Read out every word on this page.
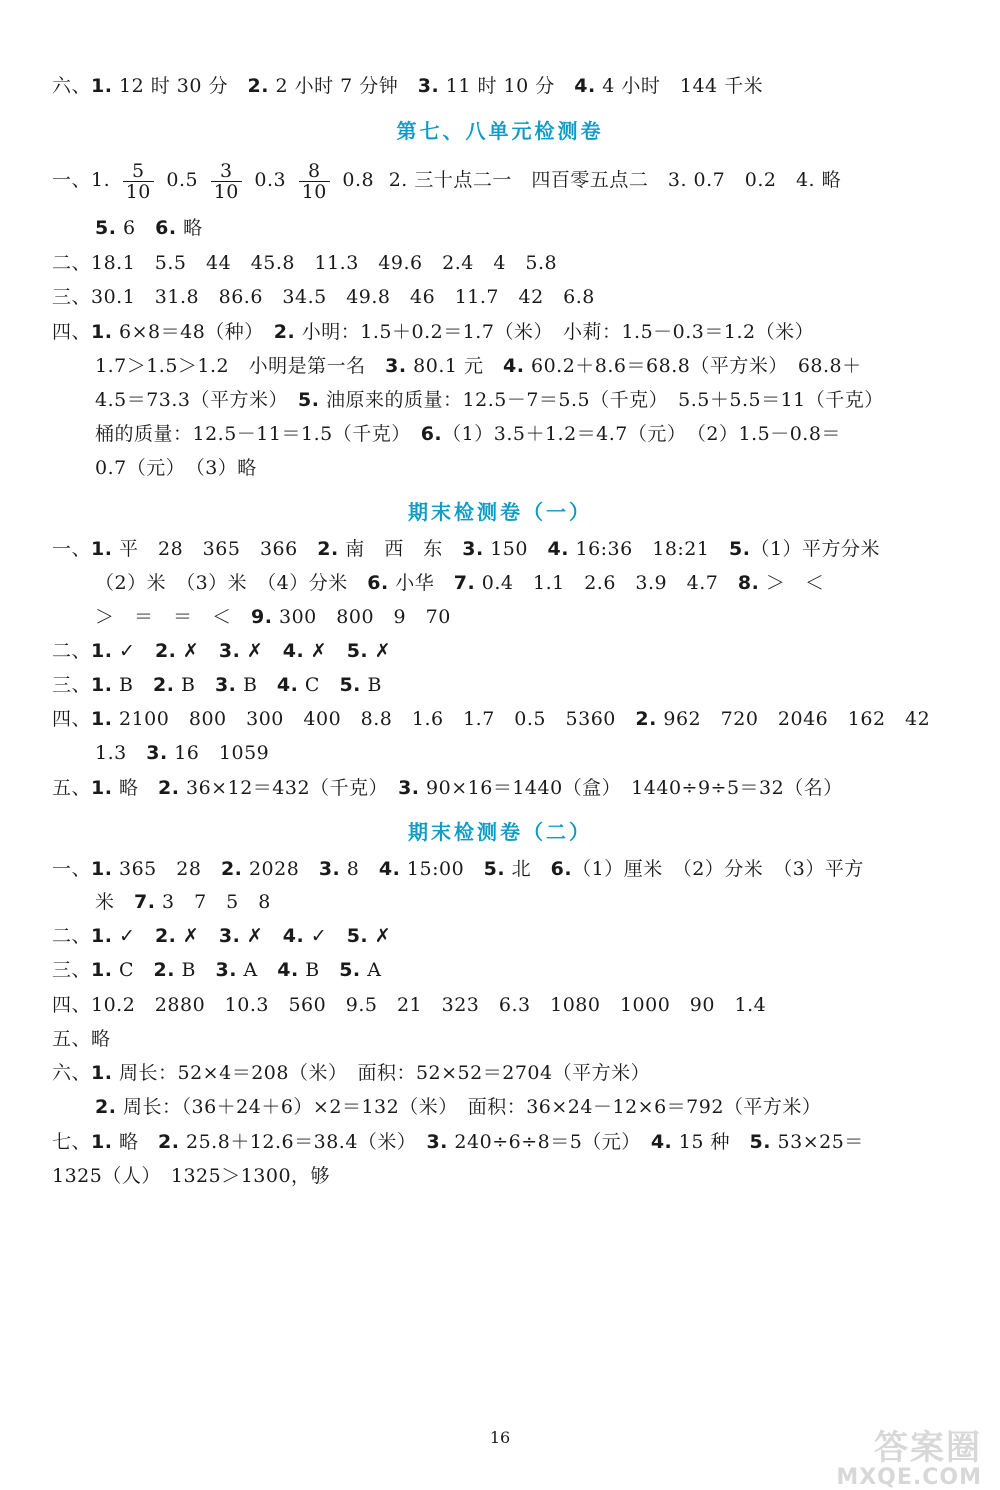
六、1. 12 时 30 分　2. 2 小时 7 分钟　3. 11 时 10 分　4. 4 小时　144 千米
第七、八单元检测卷
一、1. $\frac{5}{10} 0.5 \frac{3}{10} 0.3 \frac{8}{10} 0.8$ 2. 三十点二一　四百零五点二　3. 0.7　0.2　4. 略
5. 6　6. 略
二、18.1　5.5　44　45.8　11.3　49.6　2.4　4　5.8
三、30.1　31.8　86.6　34.5　49.8　46　11.7　42　6.8
四、1. 6×8＝48（种）　2. 小明：1.5＋0.2＝1.7（米）　小莉：1.5－0.3＝1.2（米）
1.7＞1.5＞1.2　小明是第一名　3. 80.1 元　4. 60.2＋8.6＝68.8（平方米）　68.8＋
4.5＝73.3（平方米）　5. 油原来的质量：12.5－7＝5.5（千克）　5.5＋5.5＝11（千克）
桶的质量：12.5－11＝1.5（千克）　6.（1）3.5＋1.2＝4.7（元）　（2）1.5－0.8＝
0.7（元）　（3）略
期末检测卷（一）
一、1. 平　28　365　366　2. 南　西　东　3. 150　4. 16:36　18:21　5.（1）平方分米
（2）米　（3）米　（4）分米　6. 小华　7. 0.4　1.1　2.6　3.9　4.7　8. ＞　＜
＞　＝　＝　＜　9. 300　800　9　70
二、1. ✓　2. ✗　3. ✗　4. ✗　5. ✗
三、1. B　2. B　3. B　4. C　5. B
四、1. 2100　800　300　400　8.8　1.6　1.7　0.5　5360　2. 962　720　2046　162　42
1.3　3. 16　1059
五、1. 略　2. 36×12＝432（千克）　3. 90×16＝1440（盒）　1440÷9÷5＝32（名）
期末检测卷（二）
一、1. 365　28　2. 2028　3. 8　4. 15:00　5. 北　6.（1）厘米　（2）分米　（3）平方
米　7. 3　7　5　8
二、1. ✓　2. ✗　3. ✗　4. ✓　5. ✗
三、1. C　2. B　3. A　4. B　5. A
四、10.2　2880　10.3　560　9.5　21　323　6.3　1080　1000　90　1.4
五、略
六、1. 周长：52×4＝208（米）　面积：52×52＝2704（平方米）
2. 周长：（36＋24＋6）×2＝132（米）　面积：36×24－12×6＝792（平方米）
七、1. 略　2. 25.8＋12.6＝38.4（米）　3. 240÷6÷8＝5（元）　4. 15 种　5. 53×25＝
1325（人）　1325＞1300，够
16	答案圈
MXQE.COM
